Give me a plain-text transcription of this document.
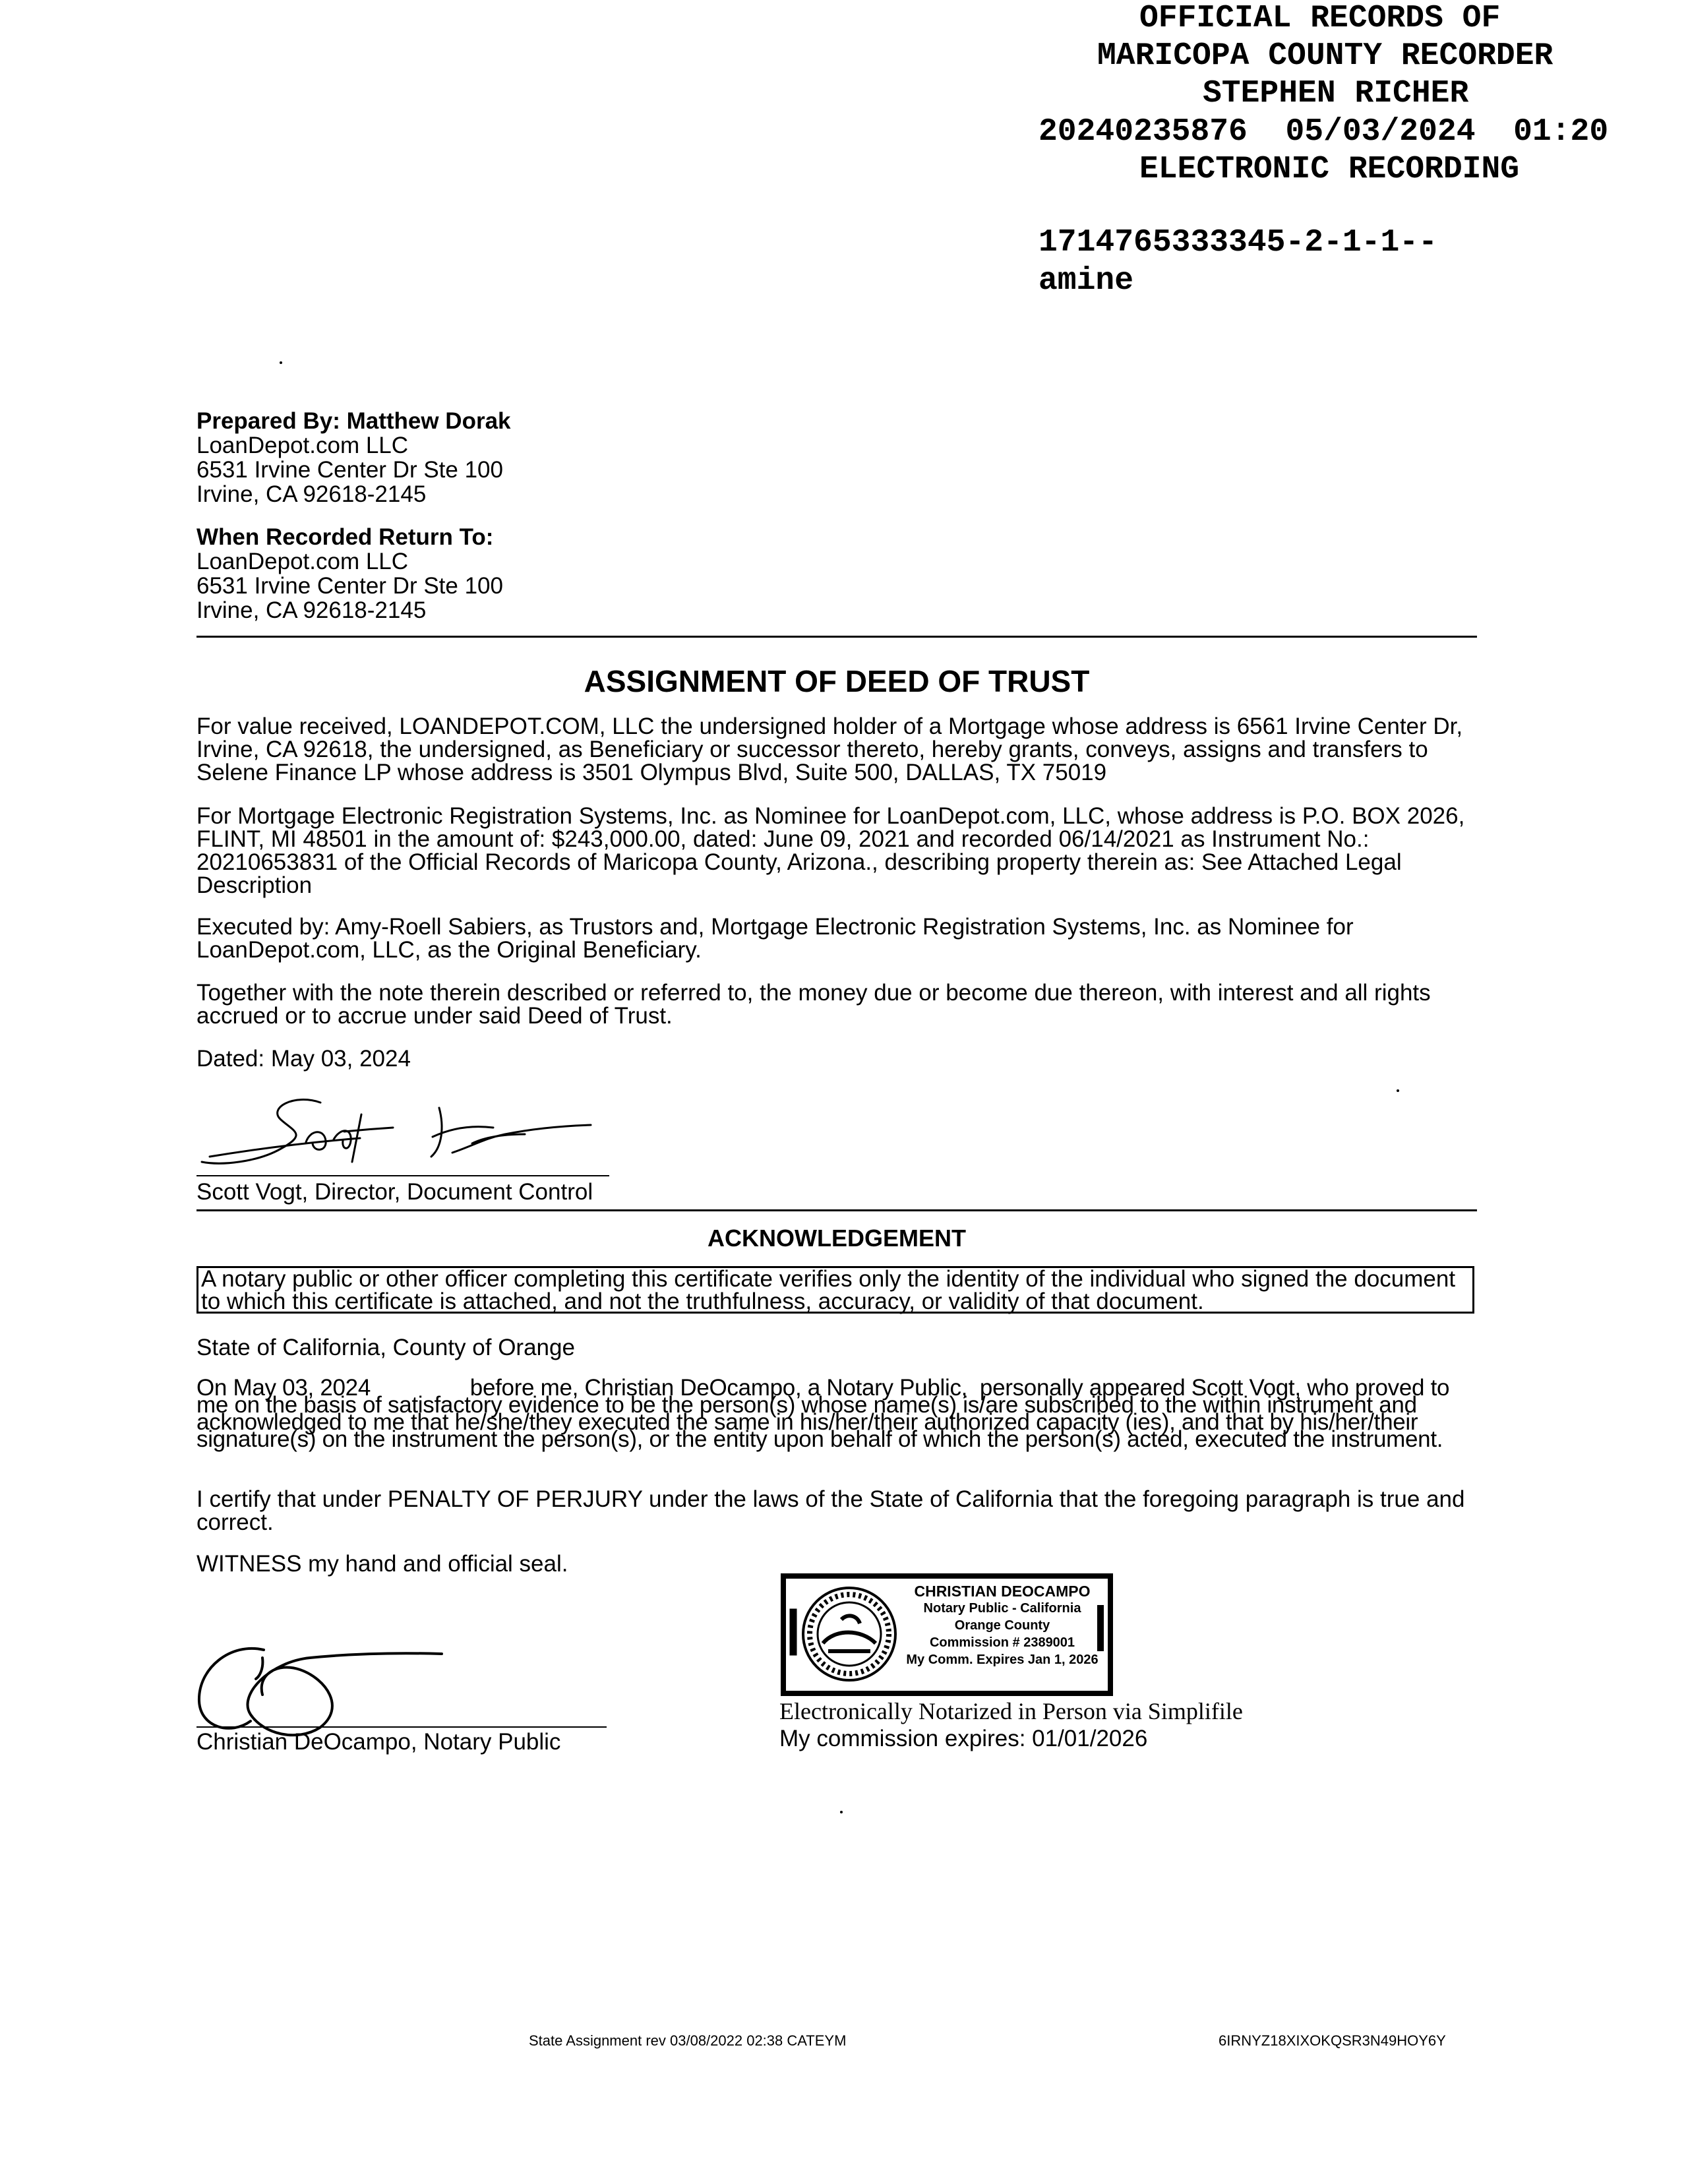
OFFICIAL RECORDS OF
MARICOPA COUNTY RECORDER
STEPHEN RICHER
20240235876  05/03/2024  01:20
ELECTRONIC RECORDING
1714765333345-2-1-1--
amine
Prepared By: Matthew Dorak
LoanDepot.com LLC
6531 Irvine Center Dr Ste 100
Irvine, CA 92618-2145
When Recorded Return To:
LoanDepot.com LLC
6531 Irvine Center Dr Ste 100
Irvine, CA 92618-2145
ASSIGNMENT OF DEED OF TRUST
For value received, LOANDEPOT.COM, LLC the undersigned holder of a Mortgage whose address is 6561 Irvine Center Dr, Irvine, CA 92618, the undersigned, as Beneficiary or successor thereto, hereby grants, conveys, assigns and transfers to Selene Finance LP whose address is 3501 Olympus Blvd, Suite 500, DALLAS, TX 75019
For Mortgage Electronic Registration Systems, Inc. as Nominee for LoanDepot.com, LLC, whose address is P.O. BOX 2026, FLINT, MI 48501 in the amount of: $243,000.00, dated: June 09, 2021 and recorded 06/14/2021 as Instrument No.: 20210653831 of the Official Records of Maricopa County, Arizona., describing property therein as: See Attached Legal Description
Executed by: Amy-Roell Sabiers, as Trustors and, Mortgage Electronic Registration Systems, Inc. as Nominee for LoanDepot.com, LLC, as the Original Beneficiary.
Together with the note therein described or referred to, the money due or become due thereon, with interest and all rights accrued or to accrue under said Deed of Trust.
Dated: May 03, 2024
Scott Vogt, Director, Document Control
ACKNOWLEDGEMENT
A notary public or other officer completing this certificate verifies only the identity of the individual who signed the document to which this certificate is attached, and not the truthfulness, accuracy, or validity of that document.
State of California, County of Orange
On May 03, 2024                before me, Christian DeOcampo, a Notary Public,  personally appeared Scott Vogt, who proved to me on the basis of satisfactory evidence to be the person(s) whose name(s) is/are subscribed to the within instrument and acknowledged to me that he/she/they executed the same in his/her/their authorized capacity (ies), and that by his/her/their signature(s) on the instrument the person(s), or the entity upon behalf of which the person(s) acted, executed the instrument.
I certify that under PENALTY OF PERJURY under the laws of the State of California that the foregoing paragraph is true and correct.
WITNESS my hand and official seal.
Christian DeOcampo, Notary Public
CHRISTIAN DEOCAMPO
Notary Public - California
Orange County
Commission # 2389001
My Comm. Expires Jan 1, 2026
Electronically Notarized in Person via Simplifile
My commission expires: 01/01/2026
State Assignment rev 03/08/2022 02:38 CATEYM	6IRNYZ18XIXOKQSR3N49HOY6Y
